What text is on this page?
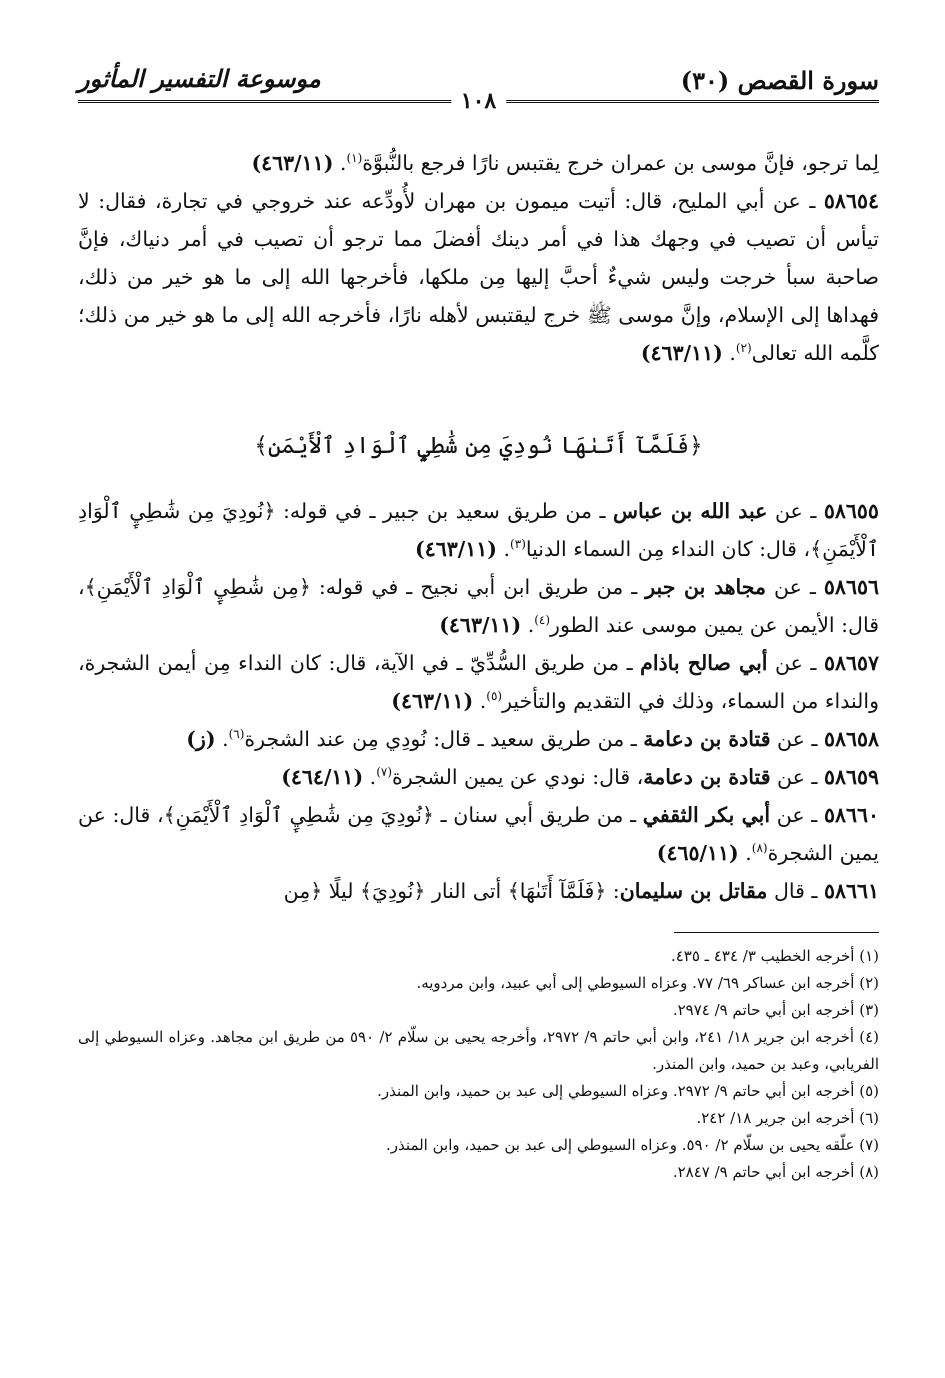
سورة القصص (٣٠)
موسوعة التفسير المأثور
١٠٨

لِما ترجو، فإنَّ موسى بن عمران خرج يقتبس نارًا فرجع بالنُّبوَّة$^{(١)}$. (٤٦٣/١١)

٥٨٦٥٤ ـ عن أبي المليح، قال: أتيت ميمون بن مهران لأُودِّعه عند خروجي في تجارة، فقال: لا تيأس أن تصيب في وجهك هذا في أمر دينك أفضلَ مما ترجو أن تصيب في أمر دنياك، فإنَّ صاحبة سبأ خرجت وليس شيءٌ أحبَّ إليها مِن ملكها، فأخرجها الله إلى ما هو خير من ذلك، فهداها إلى الإسلام، وإنَّ موسى ﷺ خرج ليقتبس لأهله نارًا، فأخرجه الله إلى ما هو خير من ذلك؛ كلَّمه الله تعالى$^{(٢)}$. (٤٦٣/١١)

﴿فَلَمَّآ أَتَىٰهَا نُودِيَ مِن شَٰطِيِٕ ٱلْوَادِ ٱلْأَيْمَنِ﴾

٥٨٦٥٥ ـ عن عبد الله بن عباس ـ من طريق سعيد بن جبير ـ في قوله: ﴿نُودِيَ مِن شَٰطِيِٕ ٱلْوَادِ ٱلْأَيْمَنِ﴾، قال: كان النداء مِن السماء الدنيا$^{(٣)}$. (٤٦٣/١١)

٥٨٦٥٦ ـ عن مجاهد بن جبر ـ من طريق ابن أبي نجيح ـ في قوله: ﴿مِن شَٰطِيِٕ ٱلْوَادِ ٱلْأَيْمَنِ﴾، قال: الأيمن عن يمين موسى عند الطور$^{(٤)}$. (٤٦٣/١١)

٥٨٦٥٧ ـ عن أبي صالح باذام ـ من طريق السُّدِّيّ ـ في الآية، قال: كان النداء مِن أيمن الشجرة، والنداء من السماء، وذلك في التقديم والتأخير$^{(٥)}$. (٤٦٣/١١)

٥٨٦٥٨ ـ عن قتادة بن دعامة ـ من طريق سعيد ـ قال: نُودِي مِن عند الشجرة$^{(٦)}$. (ز)

٥٨٦٥٩ ـ عن قتادة بن دعامة، قال: نودي عن يمين الشجرة$^{(٧)}$. (٤٦٤/١١)

٥٨٦٦٠ ـ عن أبي بكر الثقفي ـ من طريق أبي سنان ـ ﴿نُودِيَ مِن شَٰطِيِٕ ٱلْوَادِ ٱلْأَيْمَنِ﴾، قال: عن يمين الشجرة$^{(٨)}$. (٤٦٥/١١)

٥٨٦٦١ ـ قال مقاتل بن سليمان: ﴿فَلَمَّآ أَتَىٰهَا﴾ أتى النار ﴿نُودِيَ﴾ ليلًا ﴿مِن

(١) أخرجه الخطيب ٣/ ٤٣٤ ـ ٤٣٥.

(٢) أخرجه ابن عساكر ٦٩/ ٧٧. وعزاه السيوطي إلى أبي عبيد، وابن مردويه.

(٣) أخرجه ابن أبي حاتم ٩/ ٢٩٧٤.

(٤) أخرجه ابن جرير ١٨/ ٢٤١، وابن أبي حاتم ٩/ ٢٩٧٢، وأخرجه يحيى بن سلّام ٢/ ٥٩٠ من طريق ابن مجاهد. وعزاه السيوطي إلى الفريابي، وعبد بن حميد، وابن المنذر.

(٥) أخرجه ابن أبي حاتم ٩/ ٢٩٧٢. وعزاه السيوطي إلى عبد بن حميد، وابن المنذر.

(٦) أخرجه ابن جرير ١٨/ ٢٤٢.

(٧) علّقه يحيى بن سلّام ٢/ ٥٩٠. وعزاه السيوطي إلى عبد بن حميد، وابن المنذر.

(٨) أخرجه ابن أبي حاتم ٩/ ٢٨٤٧.
